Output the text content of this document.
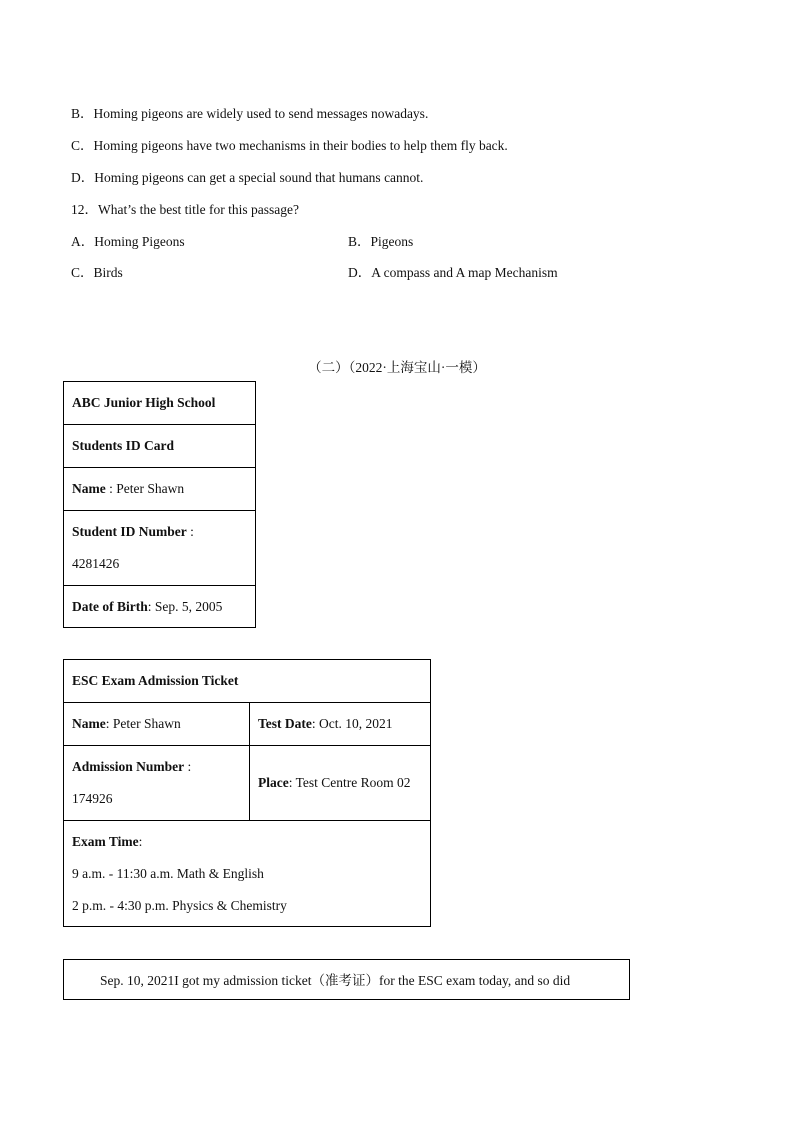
B．Homing pigeons are widely used to send messages nowadays.
C．Homing pigeons have two mechanisms in their bodies to help them fly back.
D．Homing pigeons can get a special sound that humans cannot.
12．What’s the best title for this passage?
A．Homing Pigeons	B．Pigeons
C．Birds	D．A compass and A map Mechanism
（二）（2022·上海宝山·一模）
ABC Junior High School
Students ID Card
Name : Peter Shawn

Student ID Number :
4281426

Date of Birth: Sep. 5, 2005
ESC Exam Admission Ticket	
Name: Peter Shawn	Test Date: Oct. 10, 2021

Admission Number :
174926	Place: Test Centre Room 02

Exam Time:
9 a.m. - 11:30 a.m. Math & English
2 p.m. - 4:30 p.m. Physics & Chemistry	
Sep. 10, 2021I got my admission ticket（准考证）for the ESC exam today, and so did
